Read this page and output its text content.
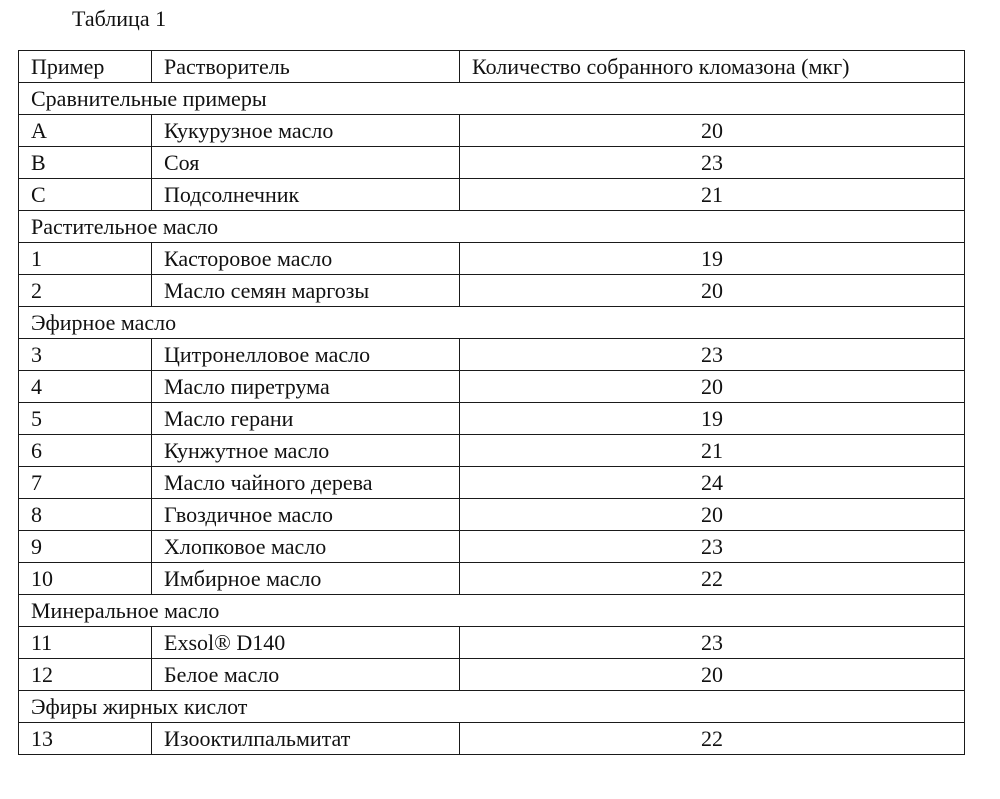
Таблица 1
Пример	Растворитель	Количество собранного кломазона (мкг)
Сравнительные примеры		
A	Кукурузное масло	20
B	Соя	23
C	Подсолнечник	21
Растительное масло		
1	Касторовое масло	19
2	Масло семян маргозы	20
Эфирное масло		
3	Цитронелловое масло	23
4	Масло пиретрума	20
5	Масло герани	19
6	Кунжутное масло	21
7	Масло чайного дерева	24
8	Гвоздичное масло	20
9	Хлопковое масло	23
10	Имбирное масло	22
Минеральное масло		
11	Exsol® D140	23
12	Белое масло	20
Эфиры жирных кислот		
13	Изооктилпальмитат	22
